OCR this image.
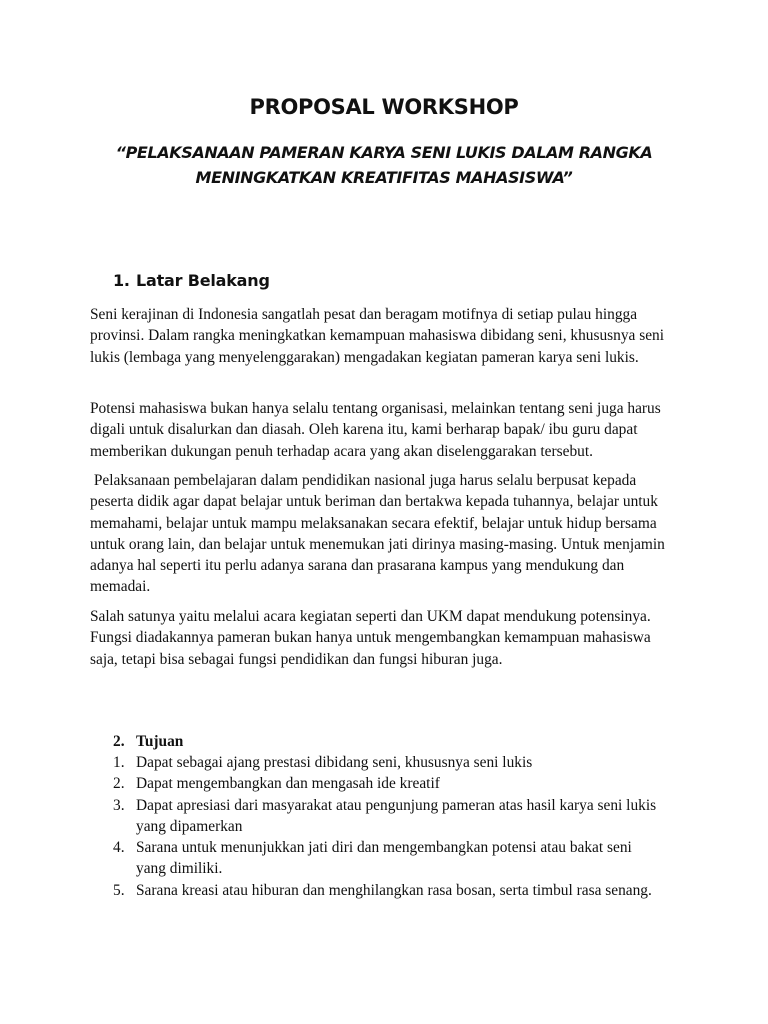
PROPOSAL WORKSHOP
“PELAKSANAAN PAMERAN KARYA SENI LUKIS DALAM RANGKA MENINGKATKAN KREATIFITAS MAHASISWA”
1. Latar Belakang

Seni kerajinan di Indonesia sangatlah pesat dan beragam motifnya di setiap pulau hingga provinsi. Dalam rangka meningkatkan kemampuan mahasiswa dibidang seni, khususnya seni lukis (lembaga yang menyelenggarakan) mengadakan kegiatan pameran karya seni lukis.

Potensi mahasiswa bukan hanya selalu tentang organisasi, melainkan tentang seni juga harus digali untuk disalurkan dan diasah. Oleh karena itu, kami berharap bapak/ ibu guru dapat memberikan dukungan penuh terhadap acara yang akan diselenggarakan tersebut.

Pelaksanaan pembelajaran dalam pendidikan nasional juga harus selalu berpusat kepada peserta didik agar dapat belajar untuk beriman dan bertakwa kepada tuhannya, belajar untuk memahami, belajar untuk mampu melaksanakan secara efektif, belajar untuk hidup bersama untuk orang lain, dan belajar untuk menemukan jati dirinya masing-masing. Untuk menjamin adanya hal seperti itu perlu adanya sarana dan prasarana kampus yang mendukung dan memadai.

Salah satunya yaitu melalui acara kegiatan seperti dan UKM dapat mendukung potensinya. Fungsi diadakannya pameran bukan hanya untuk mengembangkan kemampuan mahasiswa saja, tetapi bisa sebagai fungsi pendidikan dan fungsi hiburan juga.

2. Tujuan
1. Dapat sebagai ajang prestasi dibidang seni, khususnya seni lukis
2. Dapat mengembangkan dan mengasah ide kreatif
3. Dapat apresiasi dari masyarakat atau pengunjung pameran atas hasil karya seni lukis yang dipamerkan
4. Sarana untuk menunjukkan jati diri dan mengembangkan potensi atau bakat seni yang dimiliki.
5. Sarana kreasi atau hiburan dan menghilangkan rasa bosan, serta timbul rasa senang.
